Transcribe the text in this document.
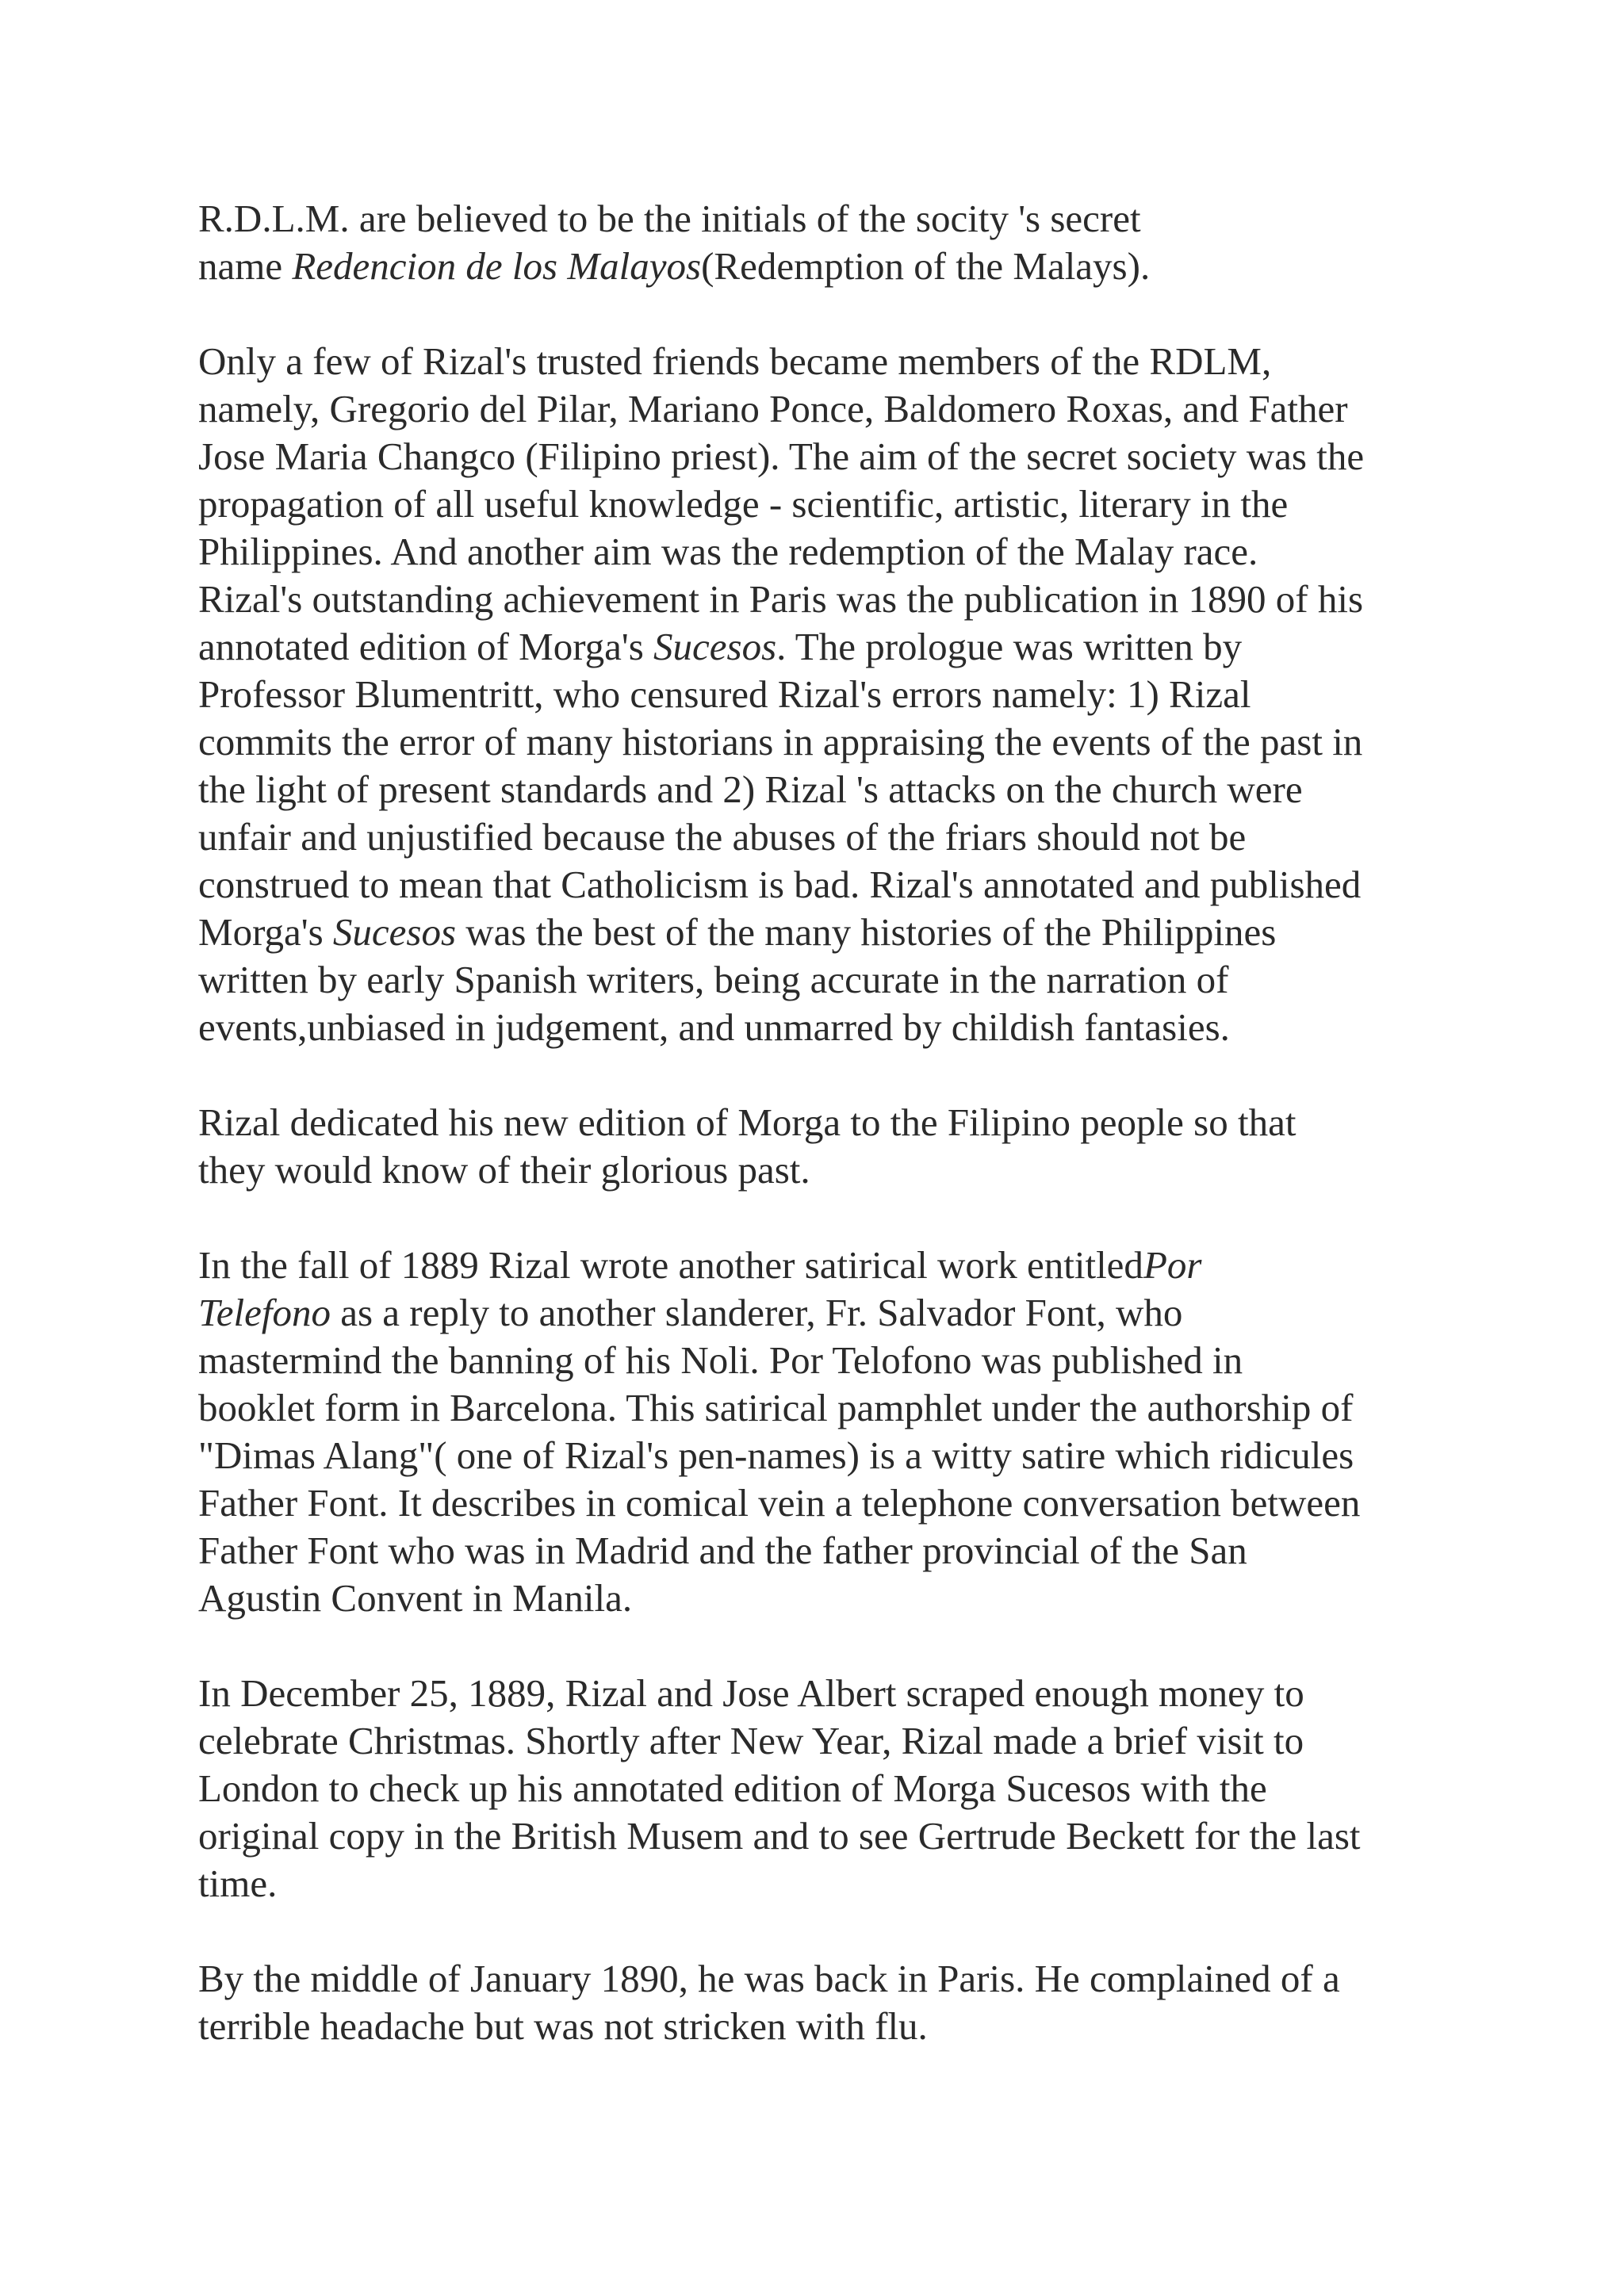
R.D.L.M. are believed to be the initials of the socity 's secret
name Redencion de los Malayos(Redemption of the Malays).

Only a few of Rizal's trusted friends became members of the RDLM,
namely, Gregorio del Pilar, Mariano Ponce, Baldomero Roxas, and Father
Jose Maria Changco (Filipino priest). The aim of the secret society was the
propagation of all useful knowledge - scientific, artistic, literary in the
Philippines. And another aim was the redemption of the Malay race.
Rizal's outstanding achievement in Paris was the publication in 1890 of his
annotated edition of Morga's Sucesos. The prologue was written by
Professor Blumentritt, who censured Rizal's errors namely: 1) Rizal
commits the error of many historians in appraising the events of the past in
the light of present standards and 2) Rizal 's attacks on the church were
unfair and unjustified because the abuses of the friars should not be
construed to mean that Catholicism is bad. Rizal's annotated and published
Morga's Sucesos was the best of the many histories of the Philippines
written by early Spanish writers, being accurate in the narration of
events,unbiased in judgement, and unmarred by childish fantasies.

Rizal dedicated his new edition of Morga to the Filipino people so that
they would know of their glorious past.

In the fall of 1889 Rizal wrote another satirical work entitledPor
Telefono as a reply to another slanderer, Fr. Salvador Font, who
mastermind the banning of his Noli. Por Telofono was published in
booklet form in Barcelona. This satirical pamphlet under the authorship of
"Dimas Alang"( one of Rizal's pen-names) is a witty satire which ridicules
Father Font. It describes in comical vein a telephone conversation between
Father Font who was in Madrid and the father provincial of the San
Agustin Convent in Manila.

In December 25, 1889, Rizal and Jose Albert scraped enough money to
celebrate Christmas. Shortly after New Year, Rizal made a brief visit to
London to check up his annotated edition of Morga Sucesos with the
original copy in the British Musem and to see Gertrude Beckett for the last
time.

By the middle of January 1890, he was back in Paris. He complained of a
terrible headache but was not stricken with flu.
